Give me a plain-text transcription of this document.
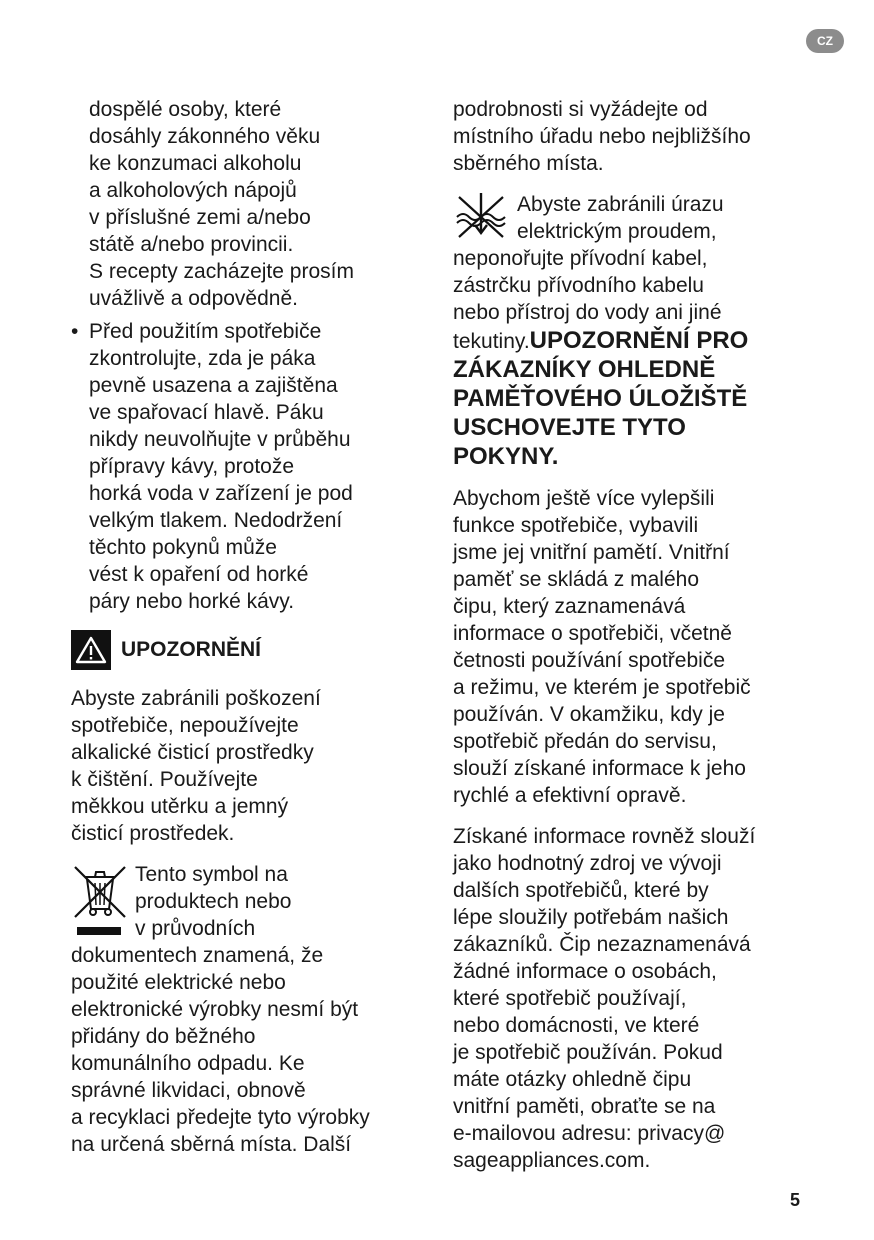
CZ

dospělé osoby, které

dosáhly zákonného věku

ke konzumaci alkoholu

a alkoholových nápojů

v příslušné zemi a/nebo

státě a/nebo provincii.

S recepty zacházejte prosím

uvážlivě a odpovědně.

• Před použitím spotřebiče

zkontrolujte, zda je páka

pevně usazena a zajištěna

ve spařovací hlavě. Páku

nikdy neuvolňujte v průběhu

přípravy kávy, protože

horká voda v zařízení je pod

velkým tlakem. Nedodržení

těchto pokynů může

vést k opaření od horké

páry nebo horké kávy.

UPOZORNĚNÍ

Abyste zabránili poškození

spotřebiče, nepoužívejte

alkalické čisticí prostředky

k čištění. Používejte

měkkou utěrku a jemný

čisticí prostředek.

Tento symbol na

produktech nebo

v průvodních

dokumentech znamená, že

použité elektrické nebo

elektronické výrobky nesmí být

přidány do běžného

komunálního odpadu. Ke

správné likvidaci, obnově

a recyklaci předejte tyto výrobky

na určená sběrná místa. Další

podrobnosti si vyžádejte od

místního úřadu nebo nejbližšího

sběrného místa.

Abyste zabránili úrazu

elektrickým proudem,

neponořujte přívodní kabel,

zástrčku přívodního kabelu

nebo přístroj do vody ani jiné

tekutiny.UPOZORNĚNÍ PRO

ZÁKAZNÍKY OHLEDNĚ

PAMĚŤOVÉHO ÚLOŽIŠTĚ

USCHOVEJTE TYTO

POKYNY.

Abychom ještě více vylepšili

funkce spotřebiče, vybavili

jsme jej vnitřní pamětí. Vnitřní

paměť se skládá z malého

čipu, který zaznamenává

informace o spotřebiči, včetně

četnosti používání spotřebiče

a režimu, ve kterém je spotřebič

používán. V okamžiku, kdy je

spotřebič předán do servisu,

slouží získané informace k jeho

rychlé a efektivní opravě.

Získané informace rovněž slouží

jako hodnotný zdroj ve vývoji

dalších spotřebičů, které by

lépe sloužily potřebám našich

zákazníků. Čip nezaznamenává

žádné informace o osobách,

které spotřebič používají,

nebo domácnosti, ve které

je spotřebič používán. Pokud

máte otázky ohledně čipu

vnitřní paměti, obraťte se na

e-mailovou adresu: privacy@

sageappliances.com.

5
